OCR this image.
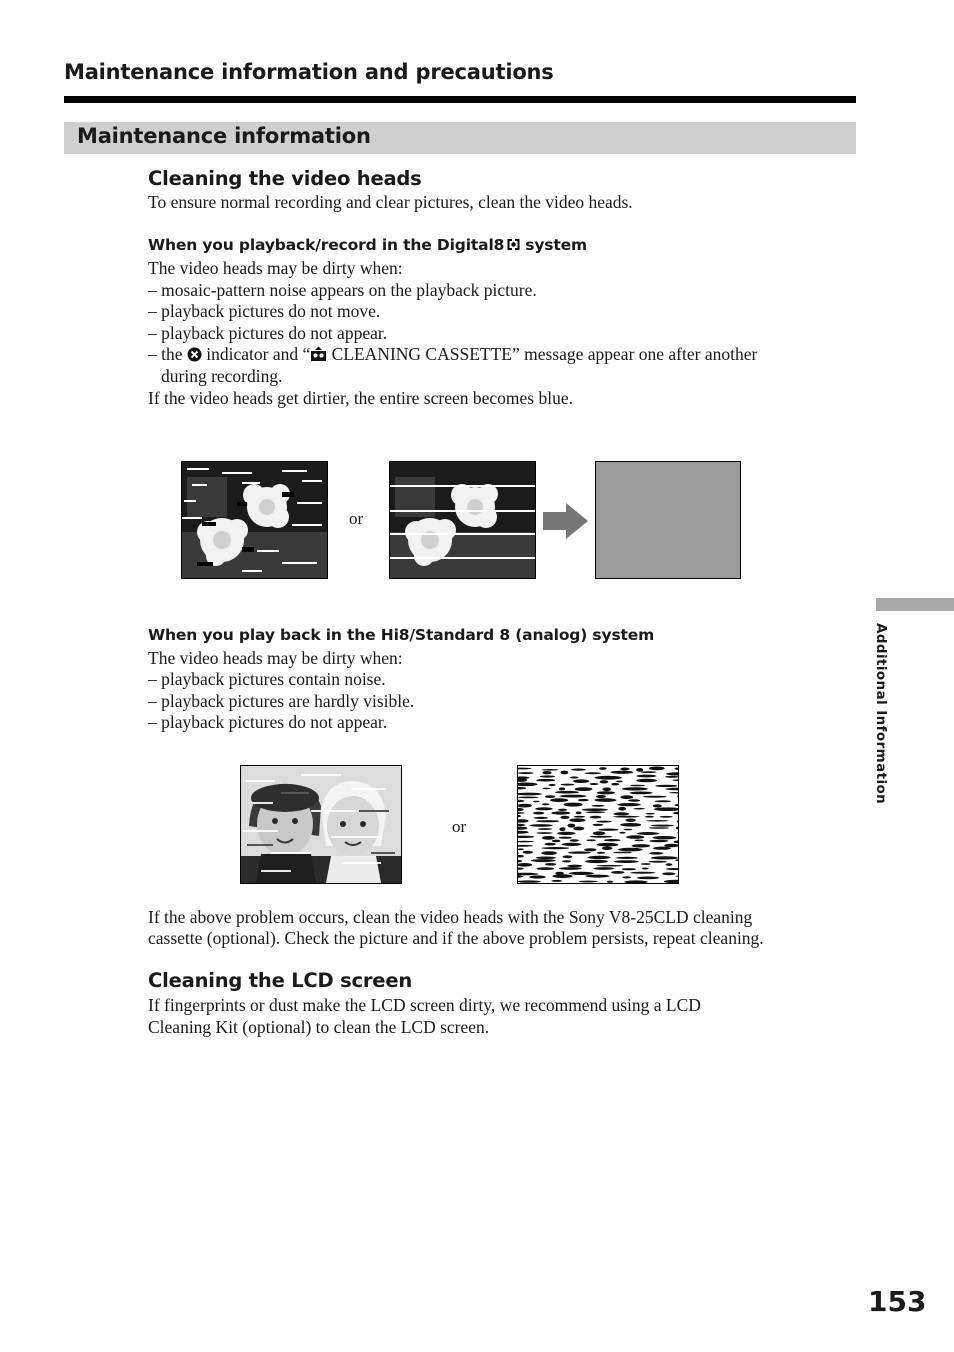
Maintenance information and precautions
Maintenance information
Cleaning the video heads
To ensure normal recording and clear pictures, clean the video heads.
When you playback/record in the Digital8 system
The video heads may be dirty when:
– mosaic-pattern noise appears on the playback picture.
– playback pictures do not move.
– playback pictures do not appear.
– the indicator and “ CLEANING CASSETTE” message appear one after another
during recording.
If the video heads get dirtier, the entire screen becomes blue.
or
When you play back in the Hi8/Standard 8 (analog) system
The video heads may be dirty when:
– playback pictures contain noise.
– playback pictures are hardly visible.
– playback pictures do not appear.
or
If the above problem occurs, clean the video heads with the Sony V8-25CLD cleaning
cassette (optional). Check the picture and if the above problem persists, repeat cleaning.
Cleaning the LCD screen
If fingerprints or dust make the LCD screen dirty, we recommend using a LCD
Cleaning Kit (optional) to clean the LCD screen.
Additional Information
153
